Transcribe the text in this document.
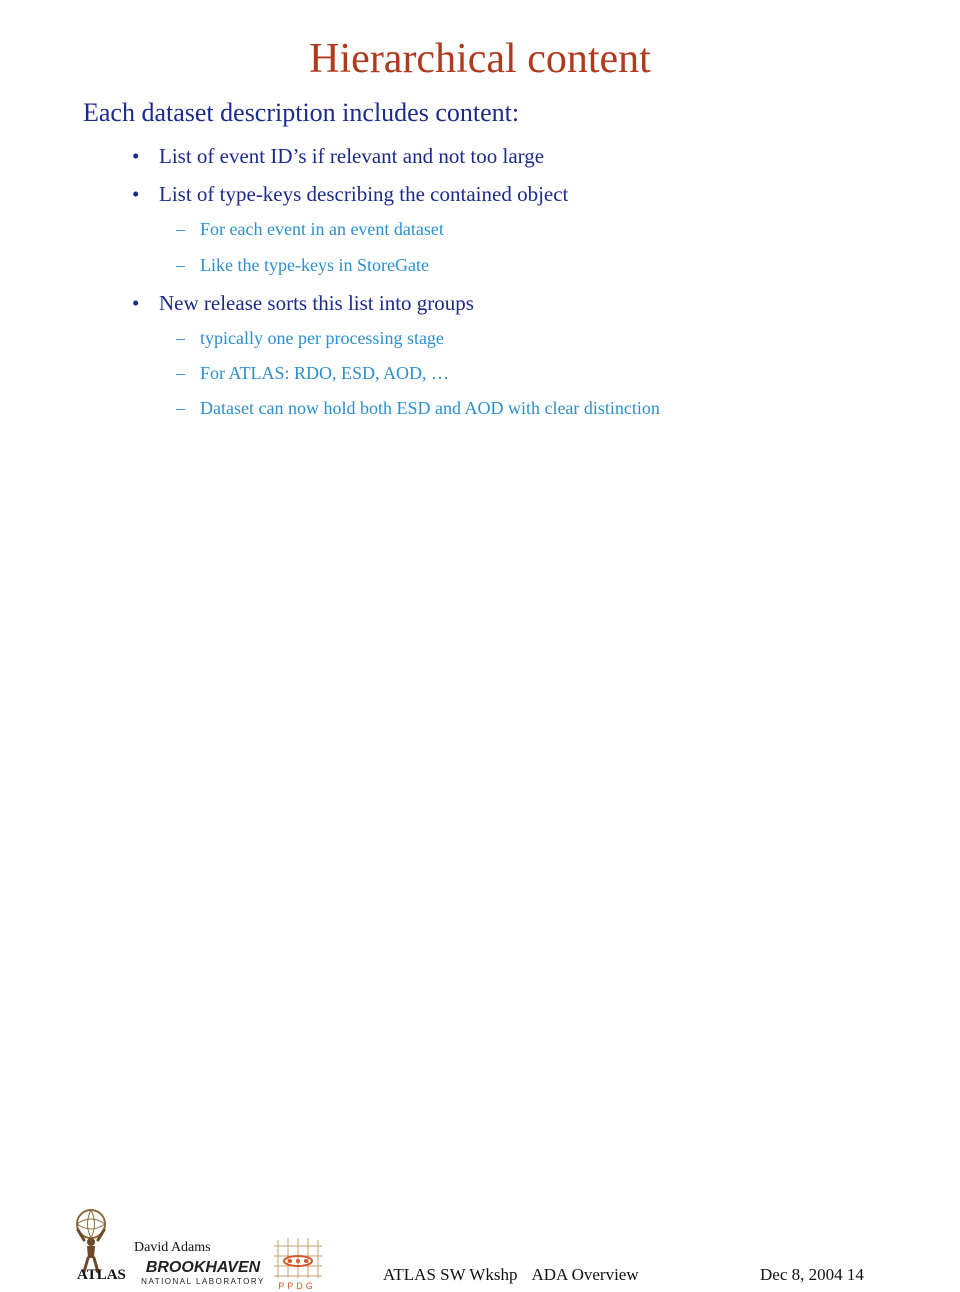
Hierarchical content
Each dataset description includes content:
• List of event ID’s if relevant and not too large
• List of type-keys describing the contained object
– For each event in an event dataset
– Like the type-keys in StoreGate
• New release sorts this list into groups
– typically one per processing stage
– For ATLAS: RDO, ESD, AOD, …
– Dataset can now hold both ESD and AOD with clear distinction
ATLAS
David Adams
BROOKHAVEN
NATIONAL LABORATORY PPDG
ATLAS SW Wkshp ADA Overview	Dec 8, 2004 14
